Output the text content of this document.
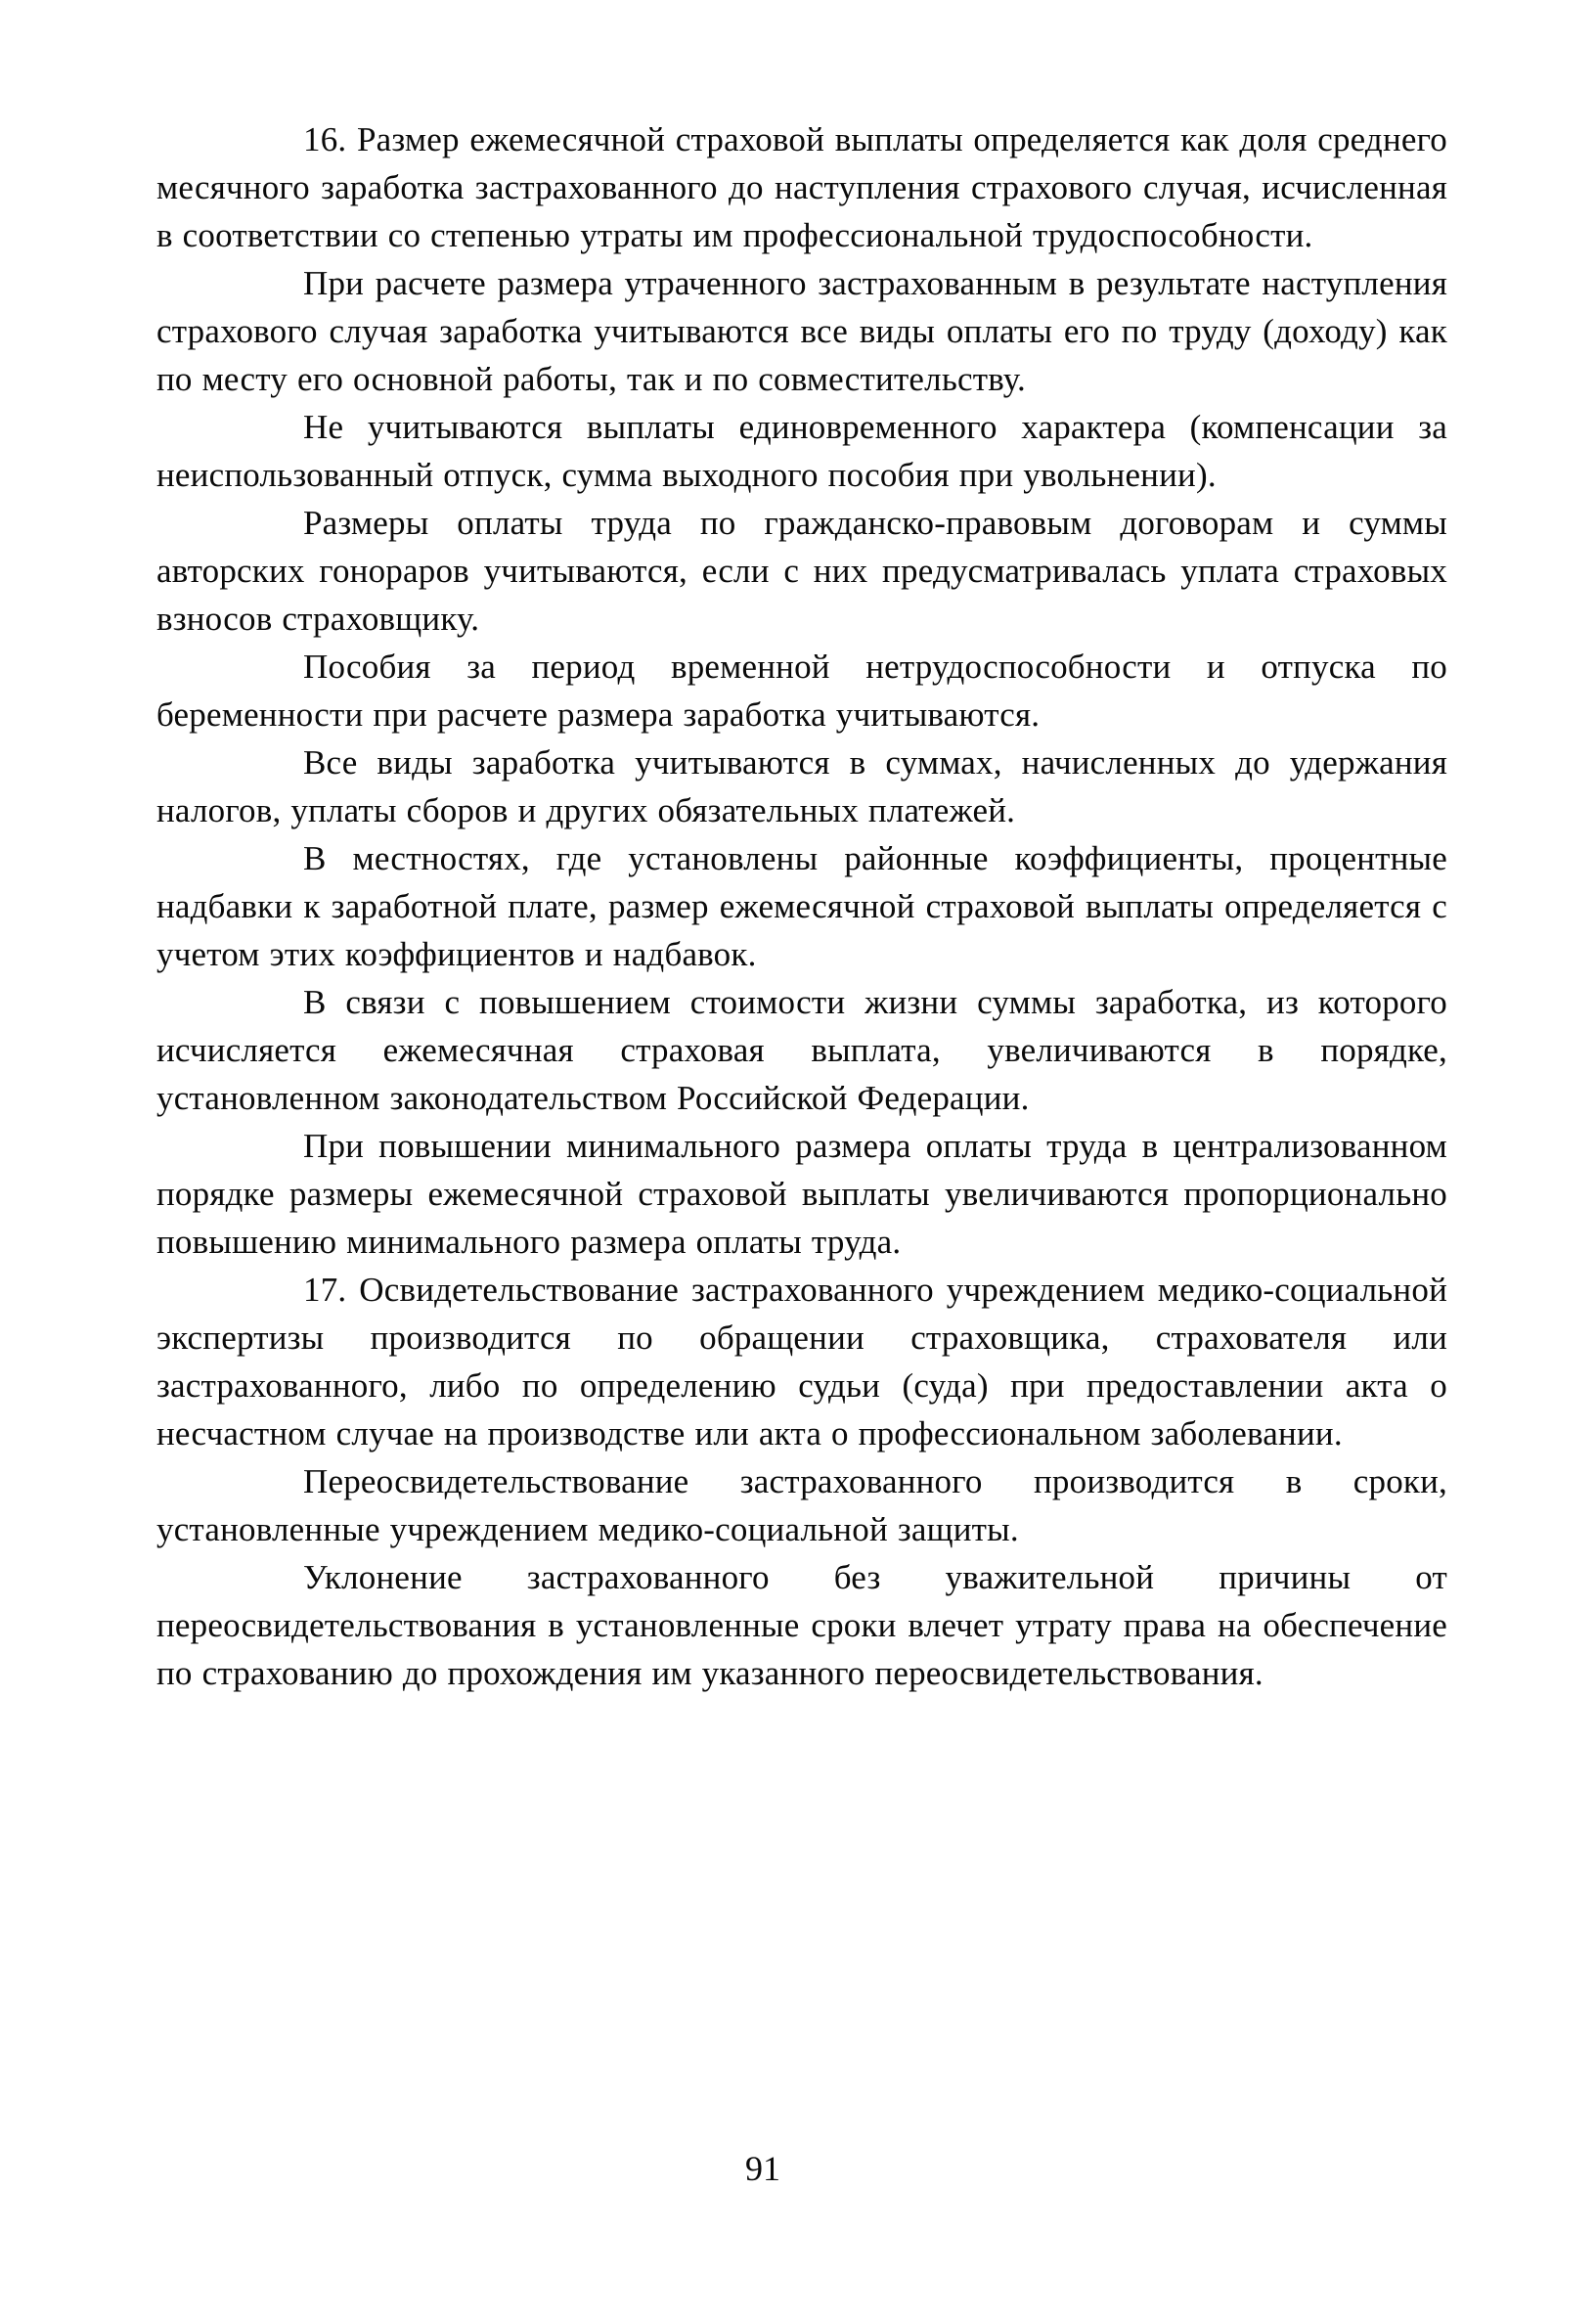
16. Размер ежемесячной страховой выплаты определяется как доля среднего месячного заработка застрахованного до наступления страхового случая, исчисленная в соответствии со степенью утраты им профессиональной трудоспособности.

При расчете размера утраченного застрахованным в результате наступления страхового случая заработка учитываются все виды оплаты его по труду (доходу) как по месту его основной работы, так и по совместительству.

Не учитываются выплаты единовременного характера (компенсации за неиспользованный отпуск, сумма выходного пособия при увольнении).

Размеры оплаты труда по гражданско-правовым договорам и суммы авторских гонораров учитываются, если с них предусматривалась уплата страховых взносов страховщику.

Пособия за период временной нетрудоспособности и отпуска по беременности при расчете размера заработка учитываются.

Все виды заработка учитываются в суммах, начисленных до удержания налогов, уплаты сборов и других обязательных платежей.

В местностях, где установлены районные коэффициенты, процентные надбавки к заработной плате, размер ежемесячной страховой выплаты определяется с учетом этих коэффициентов и надбавок.

В связи с повышением стоимости жизни суммы заработка, из которого исчисляется ежемесячная страховая выплата, увеличиваются в порядке, установленном законодательством Российской Федерации.

При повышении минимального размера оплаты труда в централизованном порядке размеры ежемесячной страховой выплаты увеличиваются пропорционально повышению минимального размера оплаты труда.

17. Освидетельствование застрахованного учреждением медико-социальной экспертизы производится по обращении страховщика, страхователя или застрахованного, либо по определению судьи (суда) при предоставлении акта о несчастном случае на производстве или акта о профессиональном заболевании.

Переосвидетельствование застрахованного производится в сроки, установленные учреждением медико-социальной защиты.

Уклонение застрахованного без уважительной причины от переосвидетельствования в установленные сроки влечет утрату права на обеспечение по страхованию до прохождения им указанного переосвидетельствования.

91
